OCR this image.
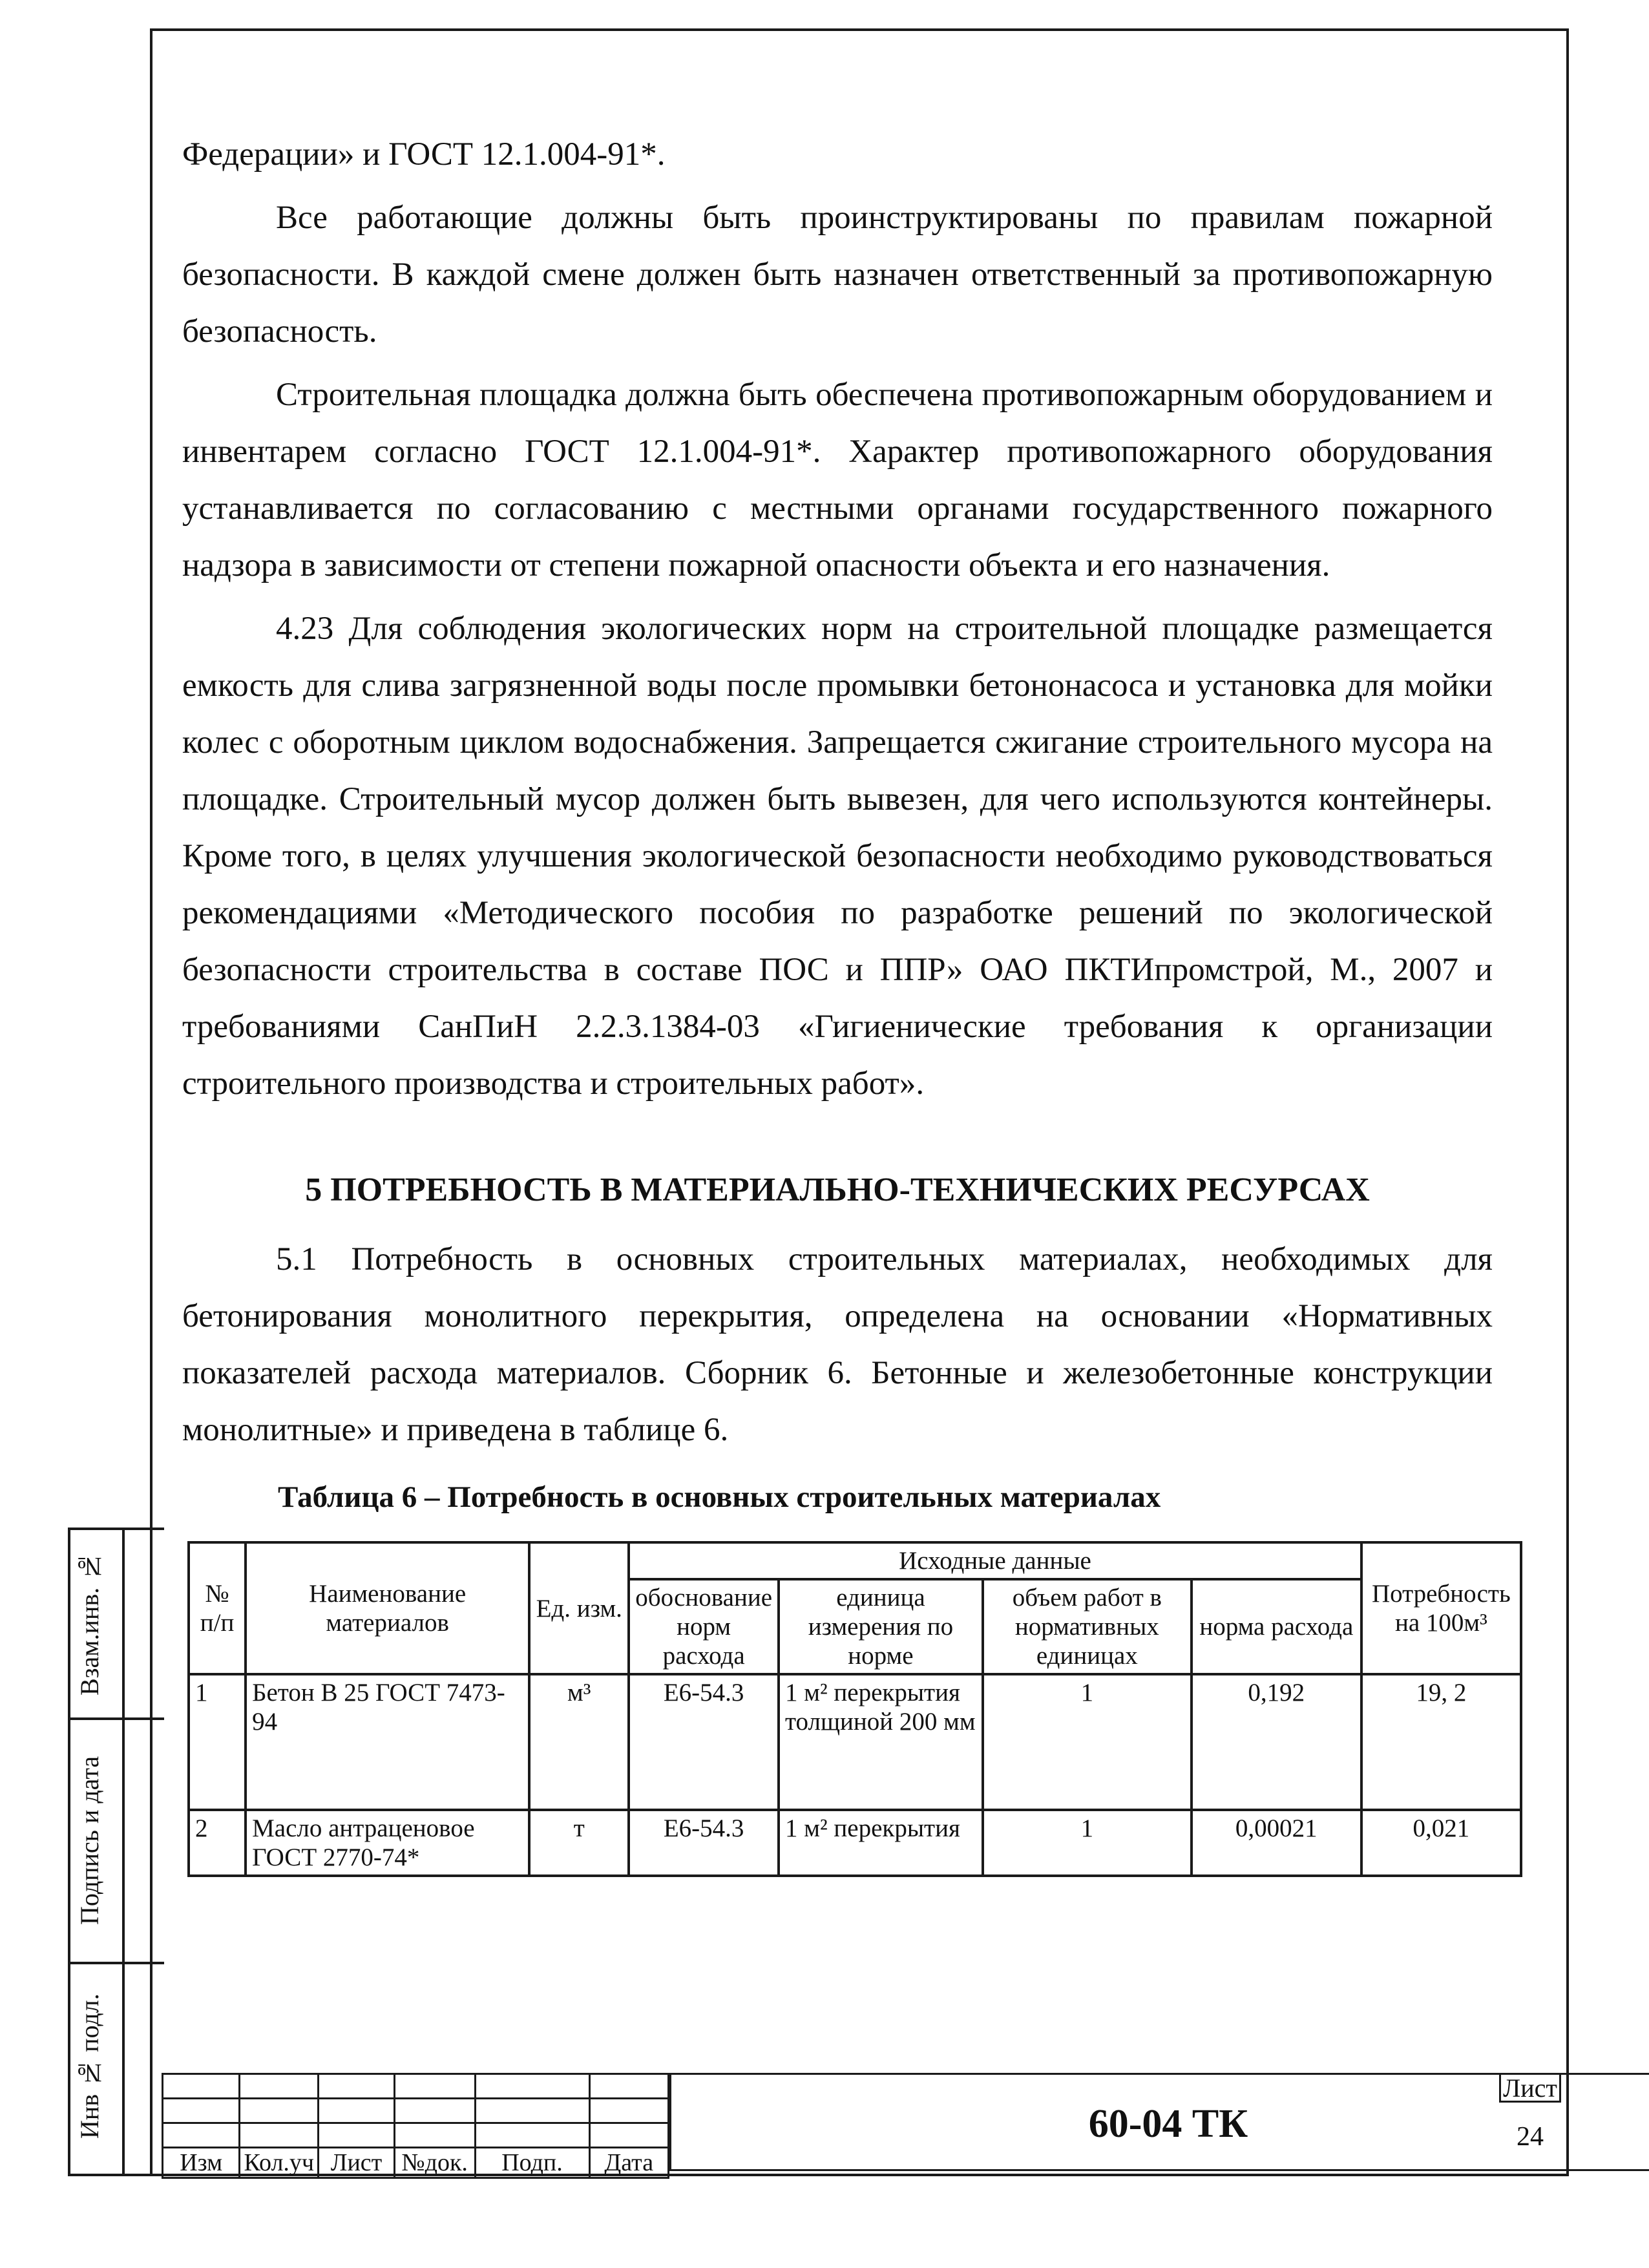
Взам.инв. №
Подпись и дата
Инв № подл.

Федерации» и ГОСТ 12.1.004-91*.

Все работающие должны быть проинструктированы по правилам пожарной безопасности. В каждой смене должен быть назначен ответственный за противопожарную безопасность.

Строительная площадка должна быть обеспечена противопожарным оборудованием и инвентарем согласно ГОСТ 12.1.004-91*. Характер противопожарного оборудования устанавливается по согласованию с местными органами государственного пожарного надзора в зависимости от степени пожарной опасности объекта и его назначения.

4.23 Для соблюдения экологических норм на строительной площадке размещается емкость для слива загрязненной воды после промывки бетононасоса и установка для мойки колес с оборотным циклом водоснабжения. Запрещается сжигание строительного мусора на площадке. Строительный мусор должен быть вывезен, для чего используются контейнеры. Кроме того, в целях улучшения экологической безопасности необходимо руководствоваться рекомендациями «Методического пособия по разработке решений по экологической безопасности строительства в составе ПОС и ППР» ОАО ПКТИпромстрой, М., 2007 и требованиями СанПиН 2.2.3.1384-03 «Гигиенические требования к организации строительного производства и строительных работ».

5 ПОТРЕБНОСТЬ В МАТЕРИАЛЬНО-ТЕХНИЧЕСКИХ РЕСУРСАХ

5.1 Потребность в основных строительных материалах, необходимых для бетонирования монолитного перекрытия, определена на основании «Нормативных показателей расхода материалов. Сборник 6. Бетонные и железобетонные конструкции монолитные» и приведена в таблице 6.

Таблица 6 – Потребность в основных строительных материалах
№ п/п	Наименование материалов	Ед. изм.	Исходные данные				Потребность на 100м³
			обоснование норм расхода	единица измерения по норме	объем работ в нормативных единицах	норма расхода	
1	Бетон В 25 ГОСТ 7473-94	м³	Е6-54.3	1 м² перекрытия толщиной 200 мм	1	0,192	19, 2
2	Масло антраценовое ГОСТ 2770-74*	т	Е6-54.3	1 м² перекрытия	1	0,00021	0,021

Изм	Кол.уч	Лист	№док.	Подп.	Дата
60-04 ТК
Лист
24
